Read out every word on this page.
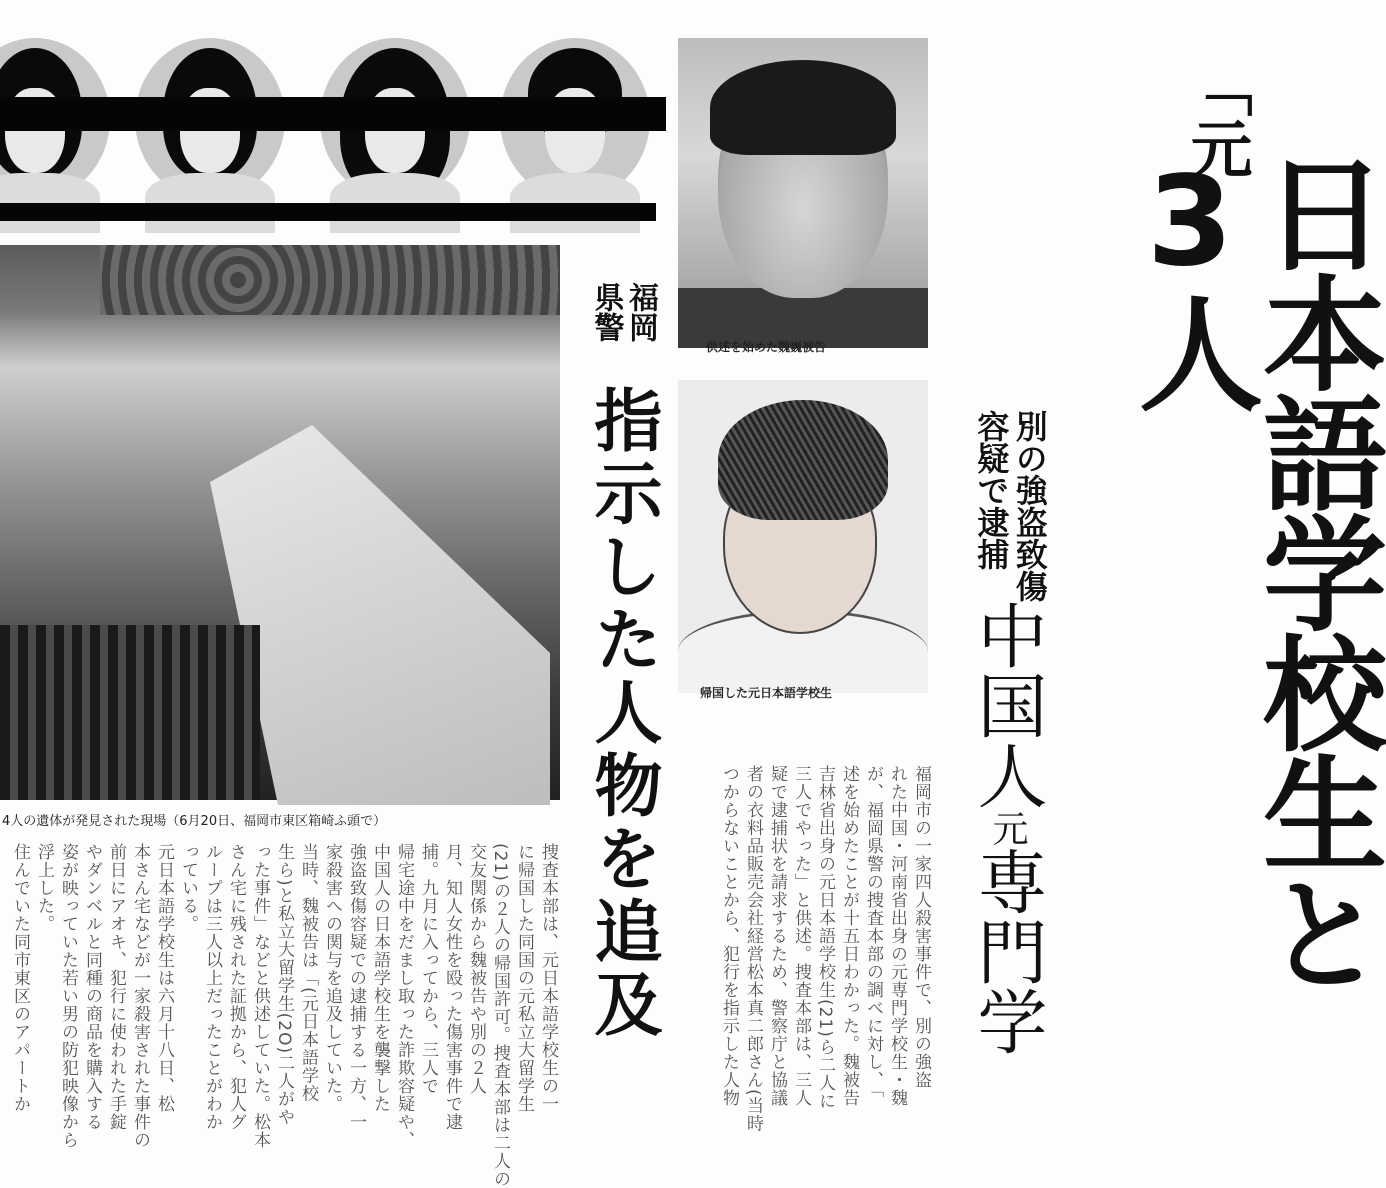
供述を始めた魏巍被告
帰国した元日本語学校生
4人の遺体が発見された現場（6月20日、福岡市東区箱崎ふ頭で）
「元
日本語学校生と3人
福岡
県警
指示した人物を追及	別の強盗致傷
容疑で逮捕
中国人元専門学
福岡市の一家四人殺害事件で、別の強盗
れた中国・河南省出身の元専門学校生・魏
が、福岡県警の捜査本部の調べに対し、「
述を始めたことが十五日わかった。魏被告
吉林省出身の元日本語学校生(21)ら二人に
三人でやった」と供述。捜査本部は、三人
疑で逮捕状を請求するため、警察庁と協議
者の衣料品販売会社経営松本真二郎さん(当時
つからないことから、犯行を指示した人物
捜査本部は、元日本語学校生の一
に帰国した同国の元私立大留学生
(21)の２人の帰国許可。捜査本部は二人の
交友関係から魏被告や別の２人
月、知人女性を殴った傷害事件で逮
捕。九月に入ってから、三人で
帰宅途中をだまし取った詐欺容疑や、
中国人の日本語学校生を襲撃した
強盗致傷容疑での逮捕する一方、一
家殺害への関与を追及していた。
当時、魏被告は「(元日本語学校
生ら)と私立大留学生(2O)二人がや
った事件」などと供述していた。松本
さん宅に残された証拠から、犯人グ
ループは三人以上だったことがわか
っている。
元日本語学校生は六月十八日、松
本さん宅などが一家殺害された事件の
前日にアオキ、犯行に使われた手錠
やダンベルと同種の商品を購入する
姿が映っていた若い男の防犯映像から
浮上した。
住んでいた同市東区のアパートか
